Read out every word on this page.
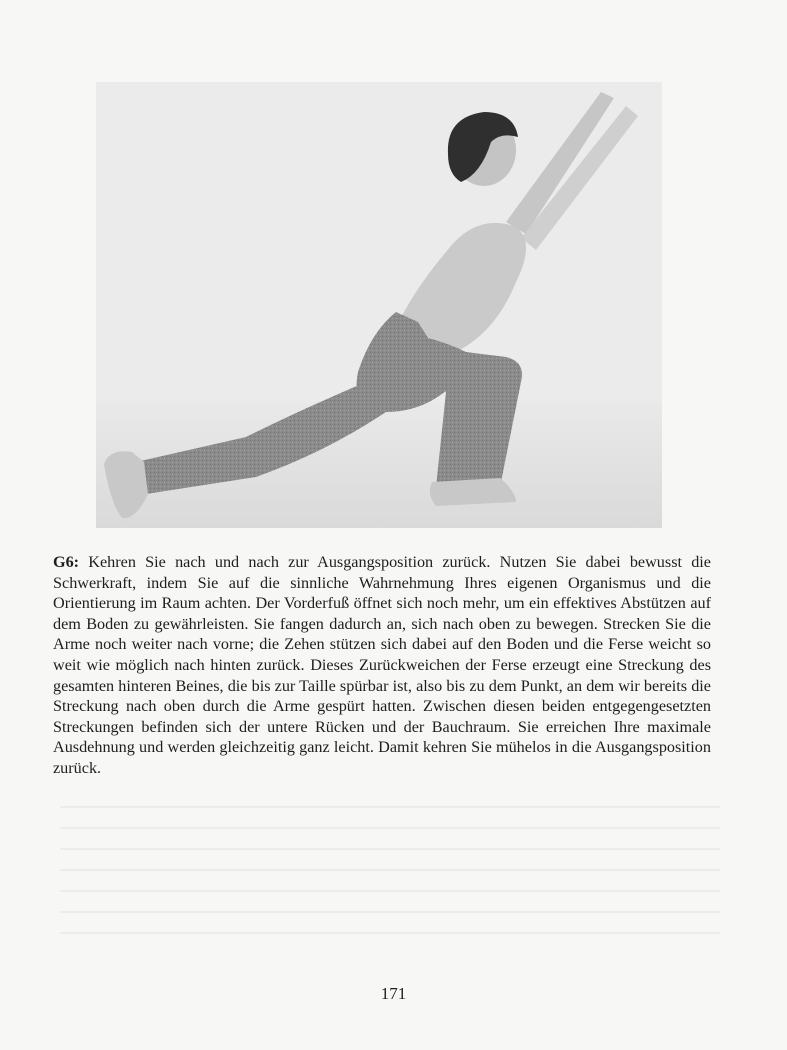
G6: Kehren Sie nach und nach zur Ausgangsposition zurück. Nutzen Sie dabei bewusst die Schwerkraft, indem Sie auf die sinnliche Wahrnehmung Ihres eigenen Organismus und die Orientierung im Raum achten. Der Vorderfuß öffnet sich noch mehr, um ein effektives Abstützen auf dem Boden zu gewährleisten. Sie fangen dadurch an, sich nach oben zu bewegen. Strecken Sie die Arme noch weiter nach vorne; die Zehen stützen sich dabei auf den Boden und die Ferse weicht so weit wie möglich nach hinten zurück. Dieses Zurückweichen der Ferse erzeugt eine Streckung des gesamten hinteren Beines, die bis zur Taille spürbar ist, also bis zu dem Punkt, an dem wir bereits die Streckung nach oben durch die Arme gespürt hatten. Zwischen diesen beiden entgegengesetzten Streckungen befinden sich der untere Rücken und der Bauchraum. Sie erreichen Ihre maximale Ausdehnung und werden gleichzeitig ganz leicht. Damit kehren Sie mühelos in die Ausgangsposition zurück.

171
